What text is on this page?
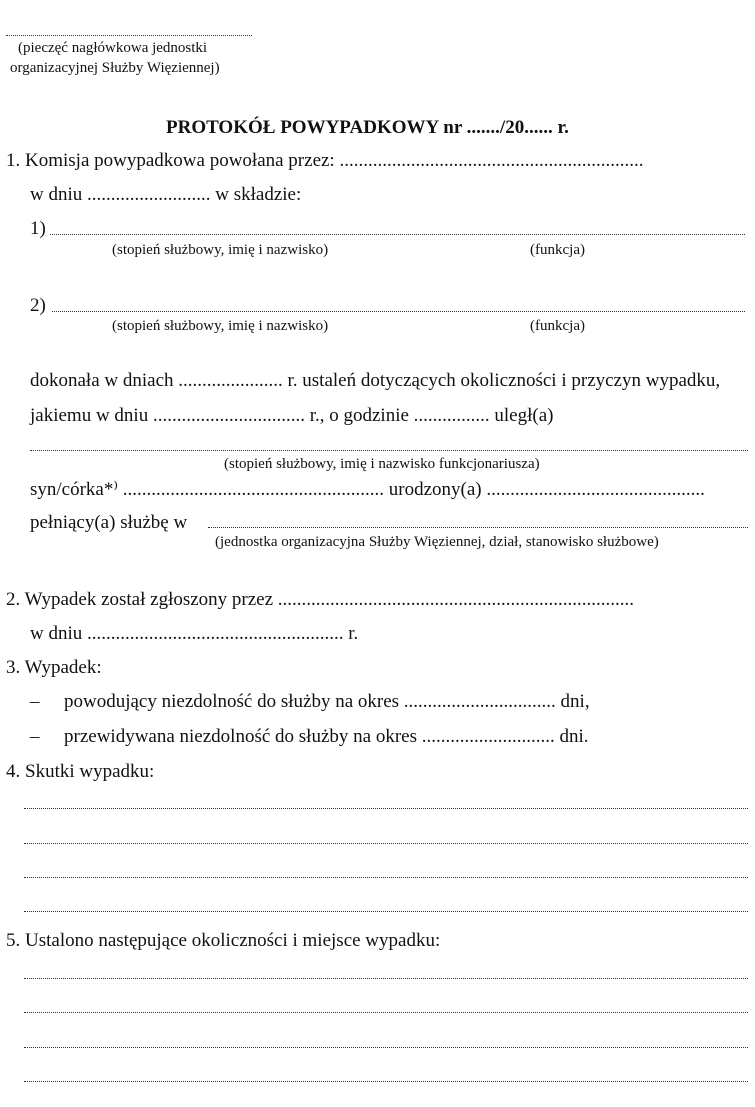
(pieczęć nagłówkowa jednostki
organizacyjnej Służby Więziennej)
PROTOKÓŁ POWYPADKOWY nr ......./20...... r.
1. Komisja powypadkowa powołana przez: ................................................................
w dniu .......................... w składzie:
1)
(stopień służbowy, imię i nazwisko)	(funkcja)
2)
(stopień służbowy, imię i nazwisko)	(funkcja)
dokonała w dniach ...................... r. ustaleń dotyczących okoliczności i przyczyn wypadku,
jakiemu w dniu ................................ r., o godzinie ................ uległ(a)
(stopień służbowy, imię i nazwisko funkcjonariusza)
syn/córka*⁾ ....................................................... urodzony(a) ..............................................
pełniący(a) służbę w
(jednostka organizacyjna Służby Więziennej, dział, stanowisko służbowe)
2. Wypadek został zgłoszony przez ...........................................................................
w dniu ...................................................... r.
3. Wypadek:
– powodujący niezdolność do służby na okres ................................ dni,
– przewidywana niezdolność do służby na okres ............................ dni.
4. Skutki wypadku:
5. Ustalono następujące okoliczności i miejsce wypadku:
